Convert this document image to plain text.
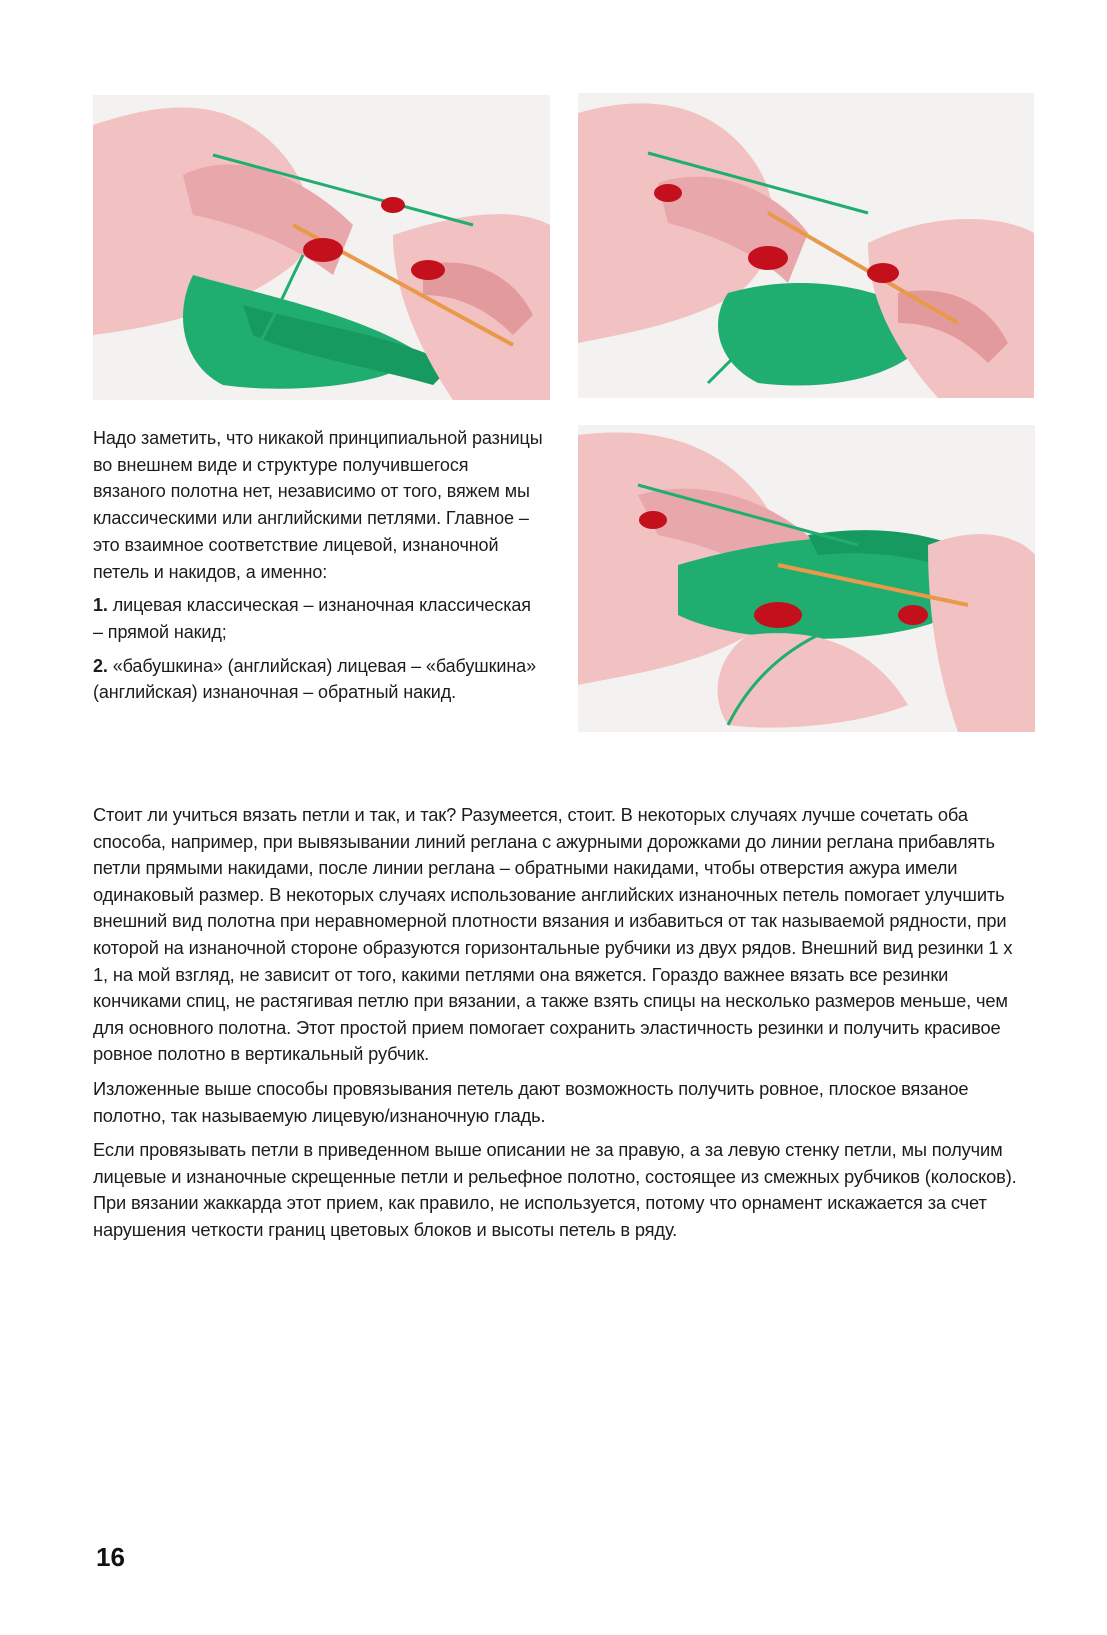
Надо заметить, что никакой принципиальной разницы во внешнем виде и структуре получившегося вязаного полотна нет, независимо от того, вяжем мы классическими или английскими петлями. Главное – это взаимное соответствие лицевой, изнаночной петель и накидов, а именно:

1. лицевая классическая – изнаночная классическая – прямой накид;

2. «бабушкина» (английская) лицевая – «бабушкина» (английская) изнаночная – обратный накид.

Стоит ли учиться вязать петли и так, и так? Разумеется, стоит. В некоторых случаях лучше сочетать оба способа, например, при вывязывании линий реглана с ажурными дорожками до линии реглана прибавлять петли прямыми накидами, после линии реглана – обратными накидами, чтобы отверстия ажура имели одинаковый размер. В некоторых случаях использование английских изнаночных петель помогает улучшить внешний вид полотна при неравномерной плотности вязания и избавиться от так называемой рядности, при которой на изнаночной стороне образуются горизонтальные рубчики из двух рядов. Внешний вид резинки 1 х 1, на мой взгляд, не зависит от того, какими петлями она вяжется. Гораздо важнее вязать все резинки кончиками спиц, не растягивая петлю при вязании, а также взять спицы на несколько размеров меньше, чем для основного полотна. Этот простой прием помогает сохранить эластичность резинки и получить красивое ровное полотно в вертикальный рубчик.

Изложенные выше способы провязывания петель дают возможность получить ровное, плоское вязаное полотно, так называемую лицевую/изнаночную гладь.

Если провязывать петли в приведенном выше описании не за правую, а за левую стенку петли, мы получим лицевые и изнаночные скрещенные петли и рельефное полотно, состоящее из смежных рубчиков (колосков). При вязании жаккарда этот прием, как правило, не используется, потому что орнамент искажается за счет нарушения четкости границ цветовых блоков и высоты петель в ряду.

16
